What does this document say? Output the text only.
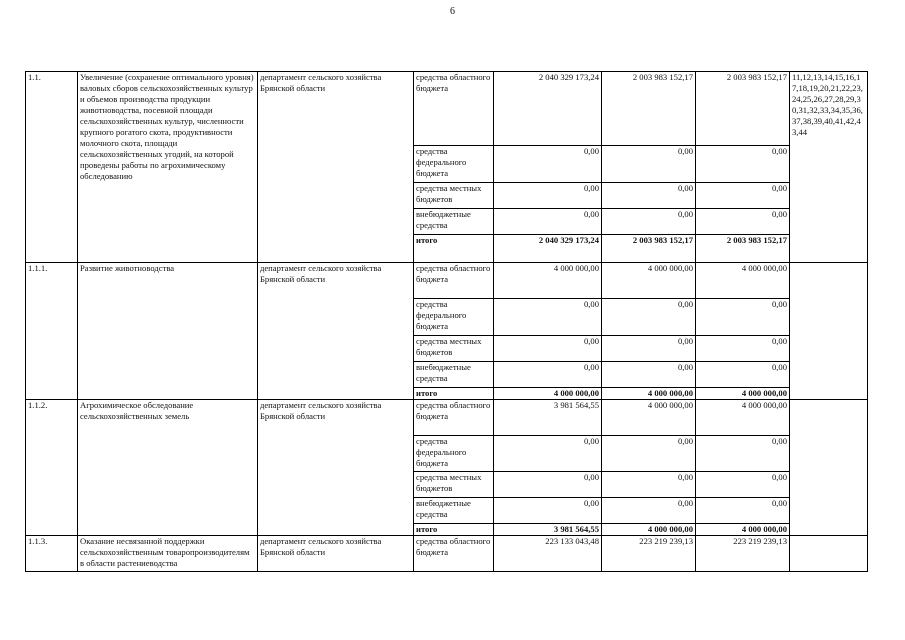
6
1.1.	Увеличение (сохранение оптимального уровня) валовых сборов сельскохозяйственных культур и объемов производства продукции животноводства, посевной площади сельскохозяйственных культур, численности крупного рогатого скота, продуктивности молочного скота, площади сельскохозяйственных угодий, на которой проведены работы по агрохимическому обследованию	департамент сельского хозяйства Брянской области	средства областного бюджета	2 040 329 173,24	2 003 983 152,17	2 003 983 152,17	11,12,13,14,15,16,17,18,19,20,21,22,23,24,25,26,27,28,29,30,31,32,33,34,35,36,37,38,39,40,41,42,43,44
			средства федерального бюджета	0,00	0,00	0,00	
			средства местных бюджетов	0,00	0,00	0,00	
			внебюджетные средства	0,00	0,00	0,00	
			итого	2 040 329 173,24	2 003 983 152,17	2 003 983 152,17	
1.1.1.	Развитие животноводства	департамент сельского хозяйства Брянской области	средства областного бюджета	4 000 000,00	4 000 000,00	4 000 000,00	
			средства федерального бюджета	0,00	0,00	0,00	
			средства местных бюджетов	0,00	0,00	0,00	
			внебюджетные средства	0,00	0,00	0,00	
			итого	4 000 000,00	4 000 000,00	4 000 000,00	
1.1.2.	Агрохимическое обследование сельскохозяйственных земель	департамент сельского хозяйства Брянской области	средства областного бюджета	3 981 564,55	4 000 000,00	4 000 000,00	
			средства федерального бюджета	0,00	0,00	0,00	
			средства местных бюджетов	0,00	0,00	0,00	
			внебюджетные средства	0,00	0,00	0,00	
			итого	3 981 564,55	4 000 000,00	4 000 000,00	
1.1.3.	Оказание несвязанной поддержки сельскохозяйственным товаропроизводителям в области растениеводства	департамент сельского хозяйства Брянской области	средства областного бюджета	223 133 043,48	223 219 239,13	223 219 239,13	
